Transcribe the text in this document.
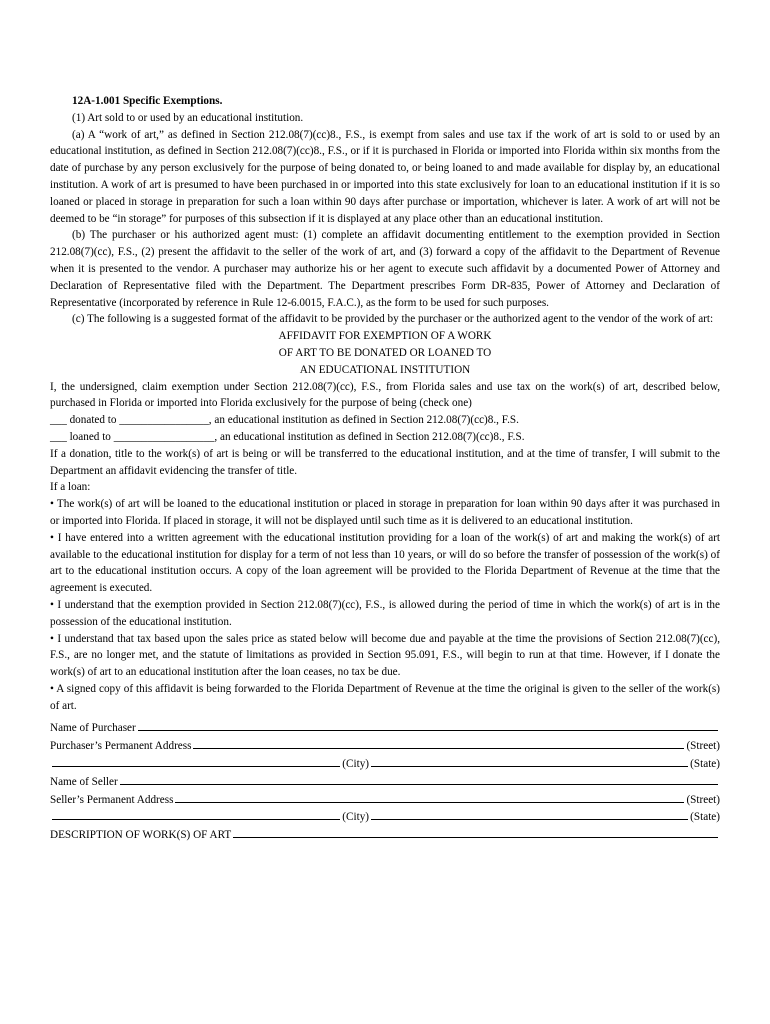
12A-1.001 Specific Exemptions.

(1) Art sold to or used by an educational institution.

(a) A “work of art,” as defined in Section 212.08(7)(cc)8., F.S., is exempt from sales and use tax if the work of art is sold to or used by an educational institution, as defined in Section 212.08(7)(cc)8., F.S., or if it is purchased in Florida or imported into Florida within six months from the date of purchase by any person exclusively for the purpose of being donated to, or being loaned to and made available for display by, an educational institution. A work of art is presumed to have been purchased in or imported into this state exclusively for loan to an educational institution if it is so loaned or placed in storage in preparation for such a loan within 90 days after purchase or importation, whichever is later. A work of art will not be deemed to be “in storage” for purposes of this subsection if it is displayed at any place other than an educational institution.

(b) The purchaser or his authorized agent must: (1) complete an affidavit documenting entitlement to the exemption provided in Section 212.08(7)(cc), F.S., (2) present the affidavit to the seller of the work of art, and (3) forward a copy of the affidavit to the Department of Revenue when it is presented to the vendor. A purchaser may authorize his or her agent to execute such affidavit by a documented Power of Attorney and Declaration of Representative filed with the Department. The Department prescribes Form DR-835, Power of Attorney and Declaration of Representative (incorporated by reference in Rule 12-6.0015, F.A.C.), as the form to be used for such purposes.

(c) The following is a suggested format of the affidavit to be provided by the purchaser or the authorized agent to the vendor of the work of art:

AFFIDAVIT FOR EXEMPTION OF A WORK

OF ART TO BE DONATED OR LOANED TO

AN EDUCATIONAL INSTITUTION

I, the undersigned, claim exemption under Section 212.08(7)(cc), F.S., from Florida sales and use tax on the work(s) of art, described below, purchased in Florida or imported into Florida exclusively for the purpose of being (check one)

___ donated to ________________, an educational institution as defined in Section 212.08(7)(cc)8., F.S.

___ loaned to __________________, an educational institution as defined in Section 212.08(7)(cc)8., F.S.

If a donation, title to the work(s) of art is being or will be transferred to the educational institution, and at the time of transfer, I will submit to the Department an affidavit evidencing the transfer of title.

If a loan:

• The work(s) of art will be loaned to the educational institution or placed in storage in preparation for loan within 90 days after it was purchased in or imported into Florida. If placed in storage, it will not be displayed until such time as it is delivered to an educational institution.

• I have entered into a written agreement with the educational institution providing for a loan of the work(s) of art and making the work(s) of art available to the educational institution for display for a term of not less than 10 years, or will do so before the transfer of possession of the work(s) of art to the educational institution occurs. A copy of the loan agreement will be provided to the Florida Department of Revenue at the time that the agreement is executed.

• I understand that the exemption provided in Section 212.08(7)(cc), F.S., is allowed during the period of time in which the work(s) of art is in the possession of the educational institution.

• I understand that tax based upon the sales price as stated below will become due and payable at the time the provisions of Section 212.08(7)(cc), F.S., are no longer met, and the statute of limitations as provided in Section 95.091, F.S., will begin to run at that time. However, if I donate the work(s) of art to an educational institution after the loan ceases, no tax be due.

• A signed copy of this affidavit is being forwarded to the Florida Department of Revenue at the time the original is given to the seller of the work(s) of art.

Name of Purchaser
Purchaser’s Permanent Address	(Street)
(City)	(State)
Name of Seller
Seller’s Permanent Address	(Street)
(City)	(State)
DESCRIPTION OF WORK(S) OF ART
